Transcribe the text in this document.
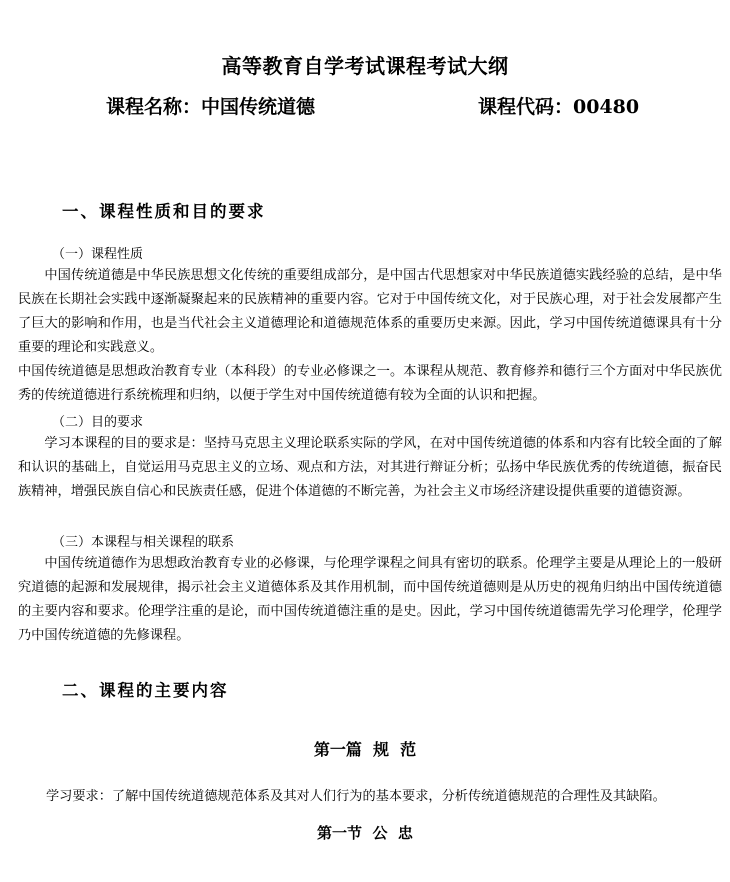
高等教育自学考试课程考试大纲
课程名称：中国传统道德	课程代码：00480
一、课程性质和目的要求
（一）课程性质
中国传统道德是中华民族思想文化传统的重要组成部分，是中国古代思想家对中华民族道德实践经验的总结，是中华民族在长期社会实践中逐渐凝聚起来的民族精神的重要内容。它对于中国传统文化，对于民族心理，对于社会发展都产生了巨大的影响和作用，也是当代社会主义道德理论和道德规范体系的重要历史来源。因此，学习中国传统道德课具有十分重要的理论和实践意义。
中国传统道德是思想政治教育专业（本科段）的专业必修课之一。本课程从规范、教育修养和德行三个方面对中华民族优秀的传统道德进行系统梳理和归纳，以便于学生对中国传统道德有较为全面的认识和把握。
（二）目的要求
学习本课程的目的要求是：坚持马克思主义理论联系实际的学风，在对中国传统道德的体系和内容有比较全面的了解和认识的基础上，自觉运用马克思主义的立场、观点和方法，对其进行辩证分析；弘扬中华民族优秀的传统道德，振奋民族精神，增强民族自信心和民族责任感，促进个体道德的不断完善，为社会主义市场经济建设提供重要的道德资源。
（三）本课程与相关课程的联系
中国传统道德作为思想政治教育专业的必修课，与伦理学课程之间具有密切的联系。伦理学主要是从理论上的一般研究道德的起源和发展规律，揭示社会主义道德体系及其作用机制，而中国传统道德则是从历史的视角归纳出中国传统道德的主要内容和要求。伦理学注重的是论，而中国传统道德注重的是史。因此，学习中国传统道德需先学习伦理学，伦理学乃中国传统道德的先修课程。
二、课程的主要内容
第一篇  规  范
学习要求：了解中国传统道德规范体系及其对人们行为的基本要求，分析传统道德规范的合理性及其缺陷。
第一节  公  忠
